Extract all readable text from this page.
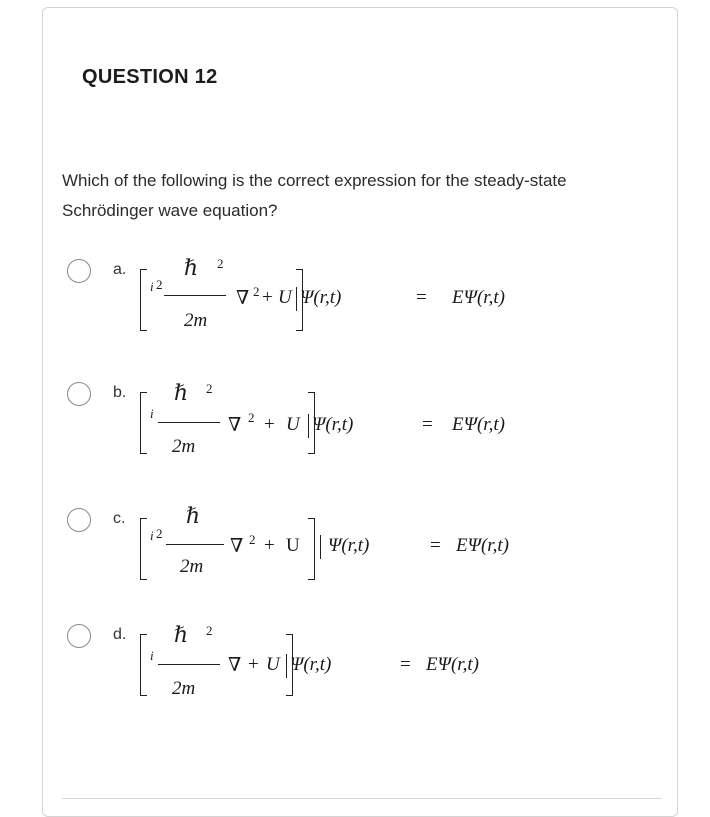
QUESTION 12
Which of the following is the correct expression for the steady-state Schrödinger wave equation?
a.
i 2
ℏ 2
2m
∇ 2 + U Ψ(r,t)	= EΨ(r,t)
b.
i
ℏ 2
2m
∇ 2 + U Ψ(r,t)	= EΨ(r,t)
c.
i 2
ℏ
2m
∇ 2 + U Ψ(r,t)	= EΨ(r,t)
d.
i
ℏ 2
2m
∇ + U Ψ(r,t)	= EΨ(r,t)
